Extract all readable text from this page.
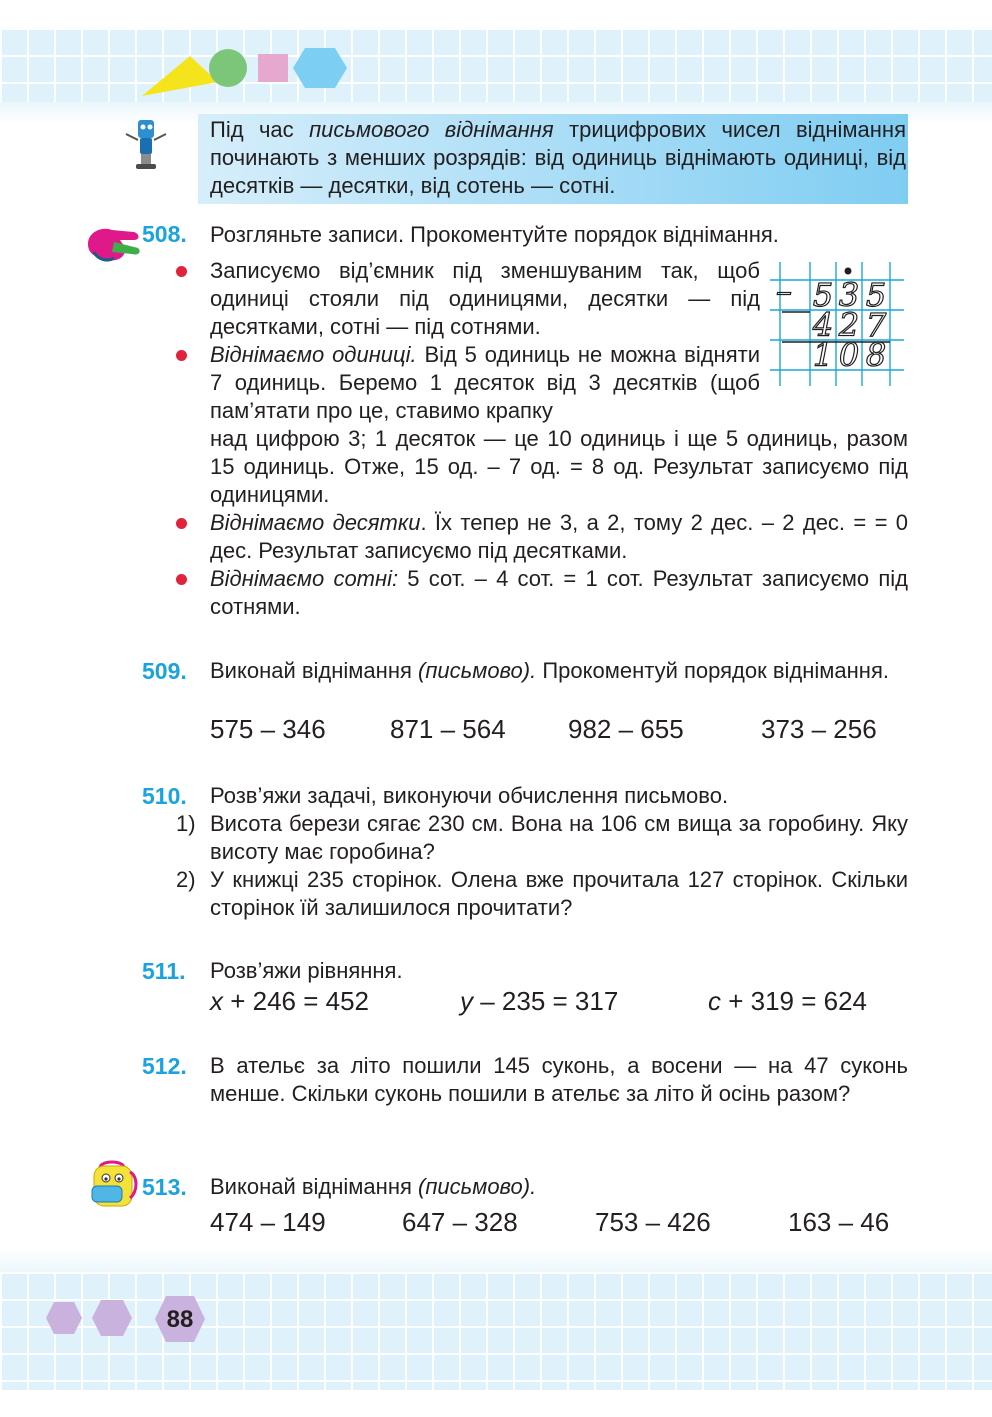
Під час письмового віднімання трицифрових чисел віднімання починають з менших розрядів: від одиниць віднімають одиниці, від десятків — десятки, від сотень — сотні.
508. Розгляньте записи. Прокоментуйте порядок віднімання.
Записуємо від’ємник під зменшуваним так, щоб одиниці стояли під одиницями, десятки — під десятками, сотні — під сотнями.
Віднімаємо одиниці. Від 5 одиниць не можна відняти 7 одиниць. Беремо 1 десяток від 3 десятків (щоб пам’ятати про це, ставимо крапку
над цифрою 3; 1 десяток — це 10 одиниць і ще 5 одиниць, разом 15 одиниць. Отже, 15 од. – 7 од. = 8 од. Результат записуємо під одиницями.
Віднімаємо десятки. Їх тепер не 3, а 2, тому 2 дес. – 2 дес. = = 0 дес. Результат записуємо під десятками.
Віднімаємо сотні: 5 сот. – 4 сот. = 1 сот. Результат записуємо під сотнями.
– 5 3 5
4 2 7
1 0 8
509. Виконай віднімання (письмово). Прокоментуй порядок віднімання.
575 – 346 871 – 564 982 – 655	373 – 256
510. Розв’яжи задачі, виконуючи обчислення письмово.
1) Висота берези сягає 230 см. Вона на 106 см вища за горобину. Яку висоту має горобина?
2) У книжці 235 сторінок. Олена вже прочитала 127 сторінок. Скільки сторінок їй залишилося прочитати?
511. Розв’яжи рівняння.
x + 246 = 452	y – 235 = 317	c + 319 = 624
512. В ательє за літо пошили 145 суконь, а восени — на 47 суконь менше. Скільки суконь пошили в ательє за літо й осінь разом?
513. Виконай віднімання (письмово).
474 – 149	647 – 328	753 – 426	163 – 46
88
